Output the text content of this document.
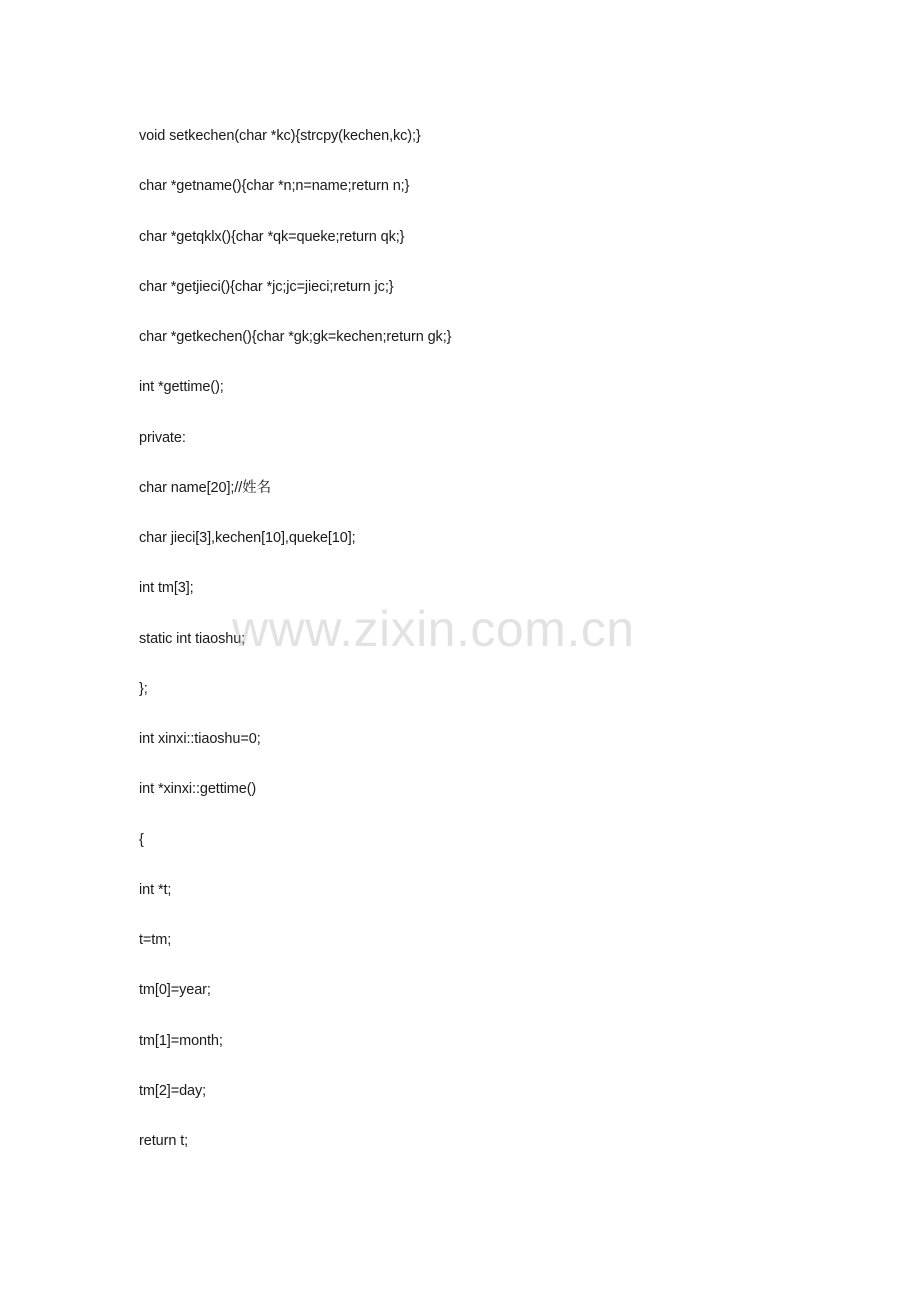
void setkechen(char *kc){strcpy(kechen,kc);}
char *getname(){char *n;n=name;return n;}
char *getqklx(){char *qk=queke;return qk;}
char *getjieci(){char *jc;jc=jieci;return jc;}
char *getkechen(){char *gk;gk=kechen;return gk;}
int *gettime();
private:
char name[20];//姓名
char jieci[3],kechen[10],queke[10];
int tm[3];
static int tiaoshu;
};
int xinxi::tiaoshu=0;
int *xinxi::gettime()
{
int *t;
t=tm;
tm[0]=year;
tm[1]=month;
tm[2]=day;
return t;
www.zixin.com.cn
